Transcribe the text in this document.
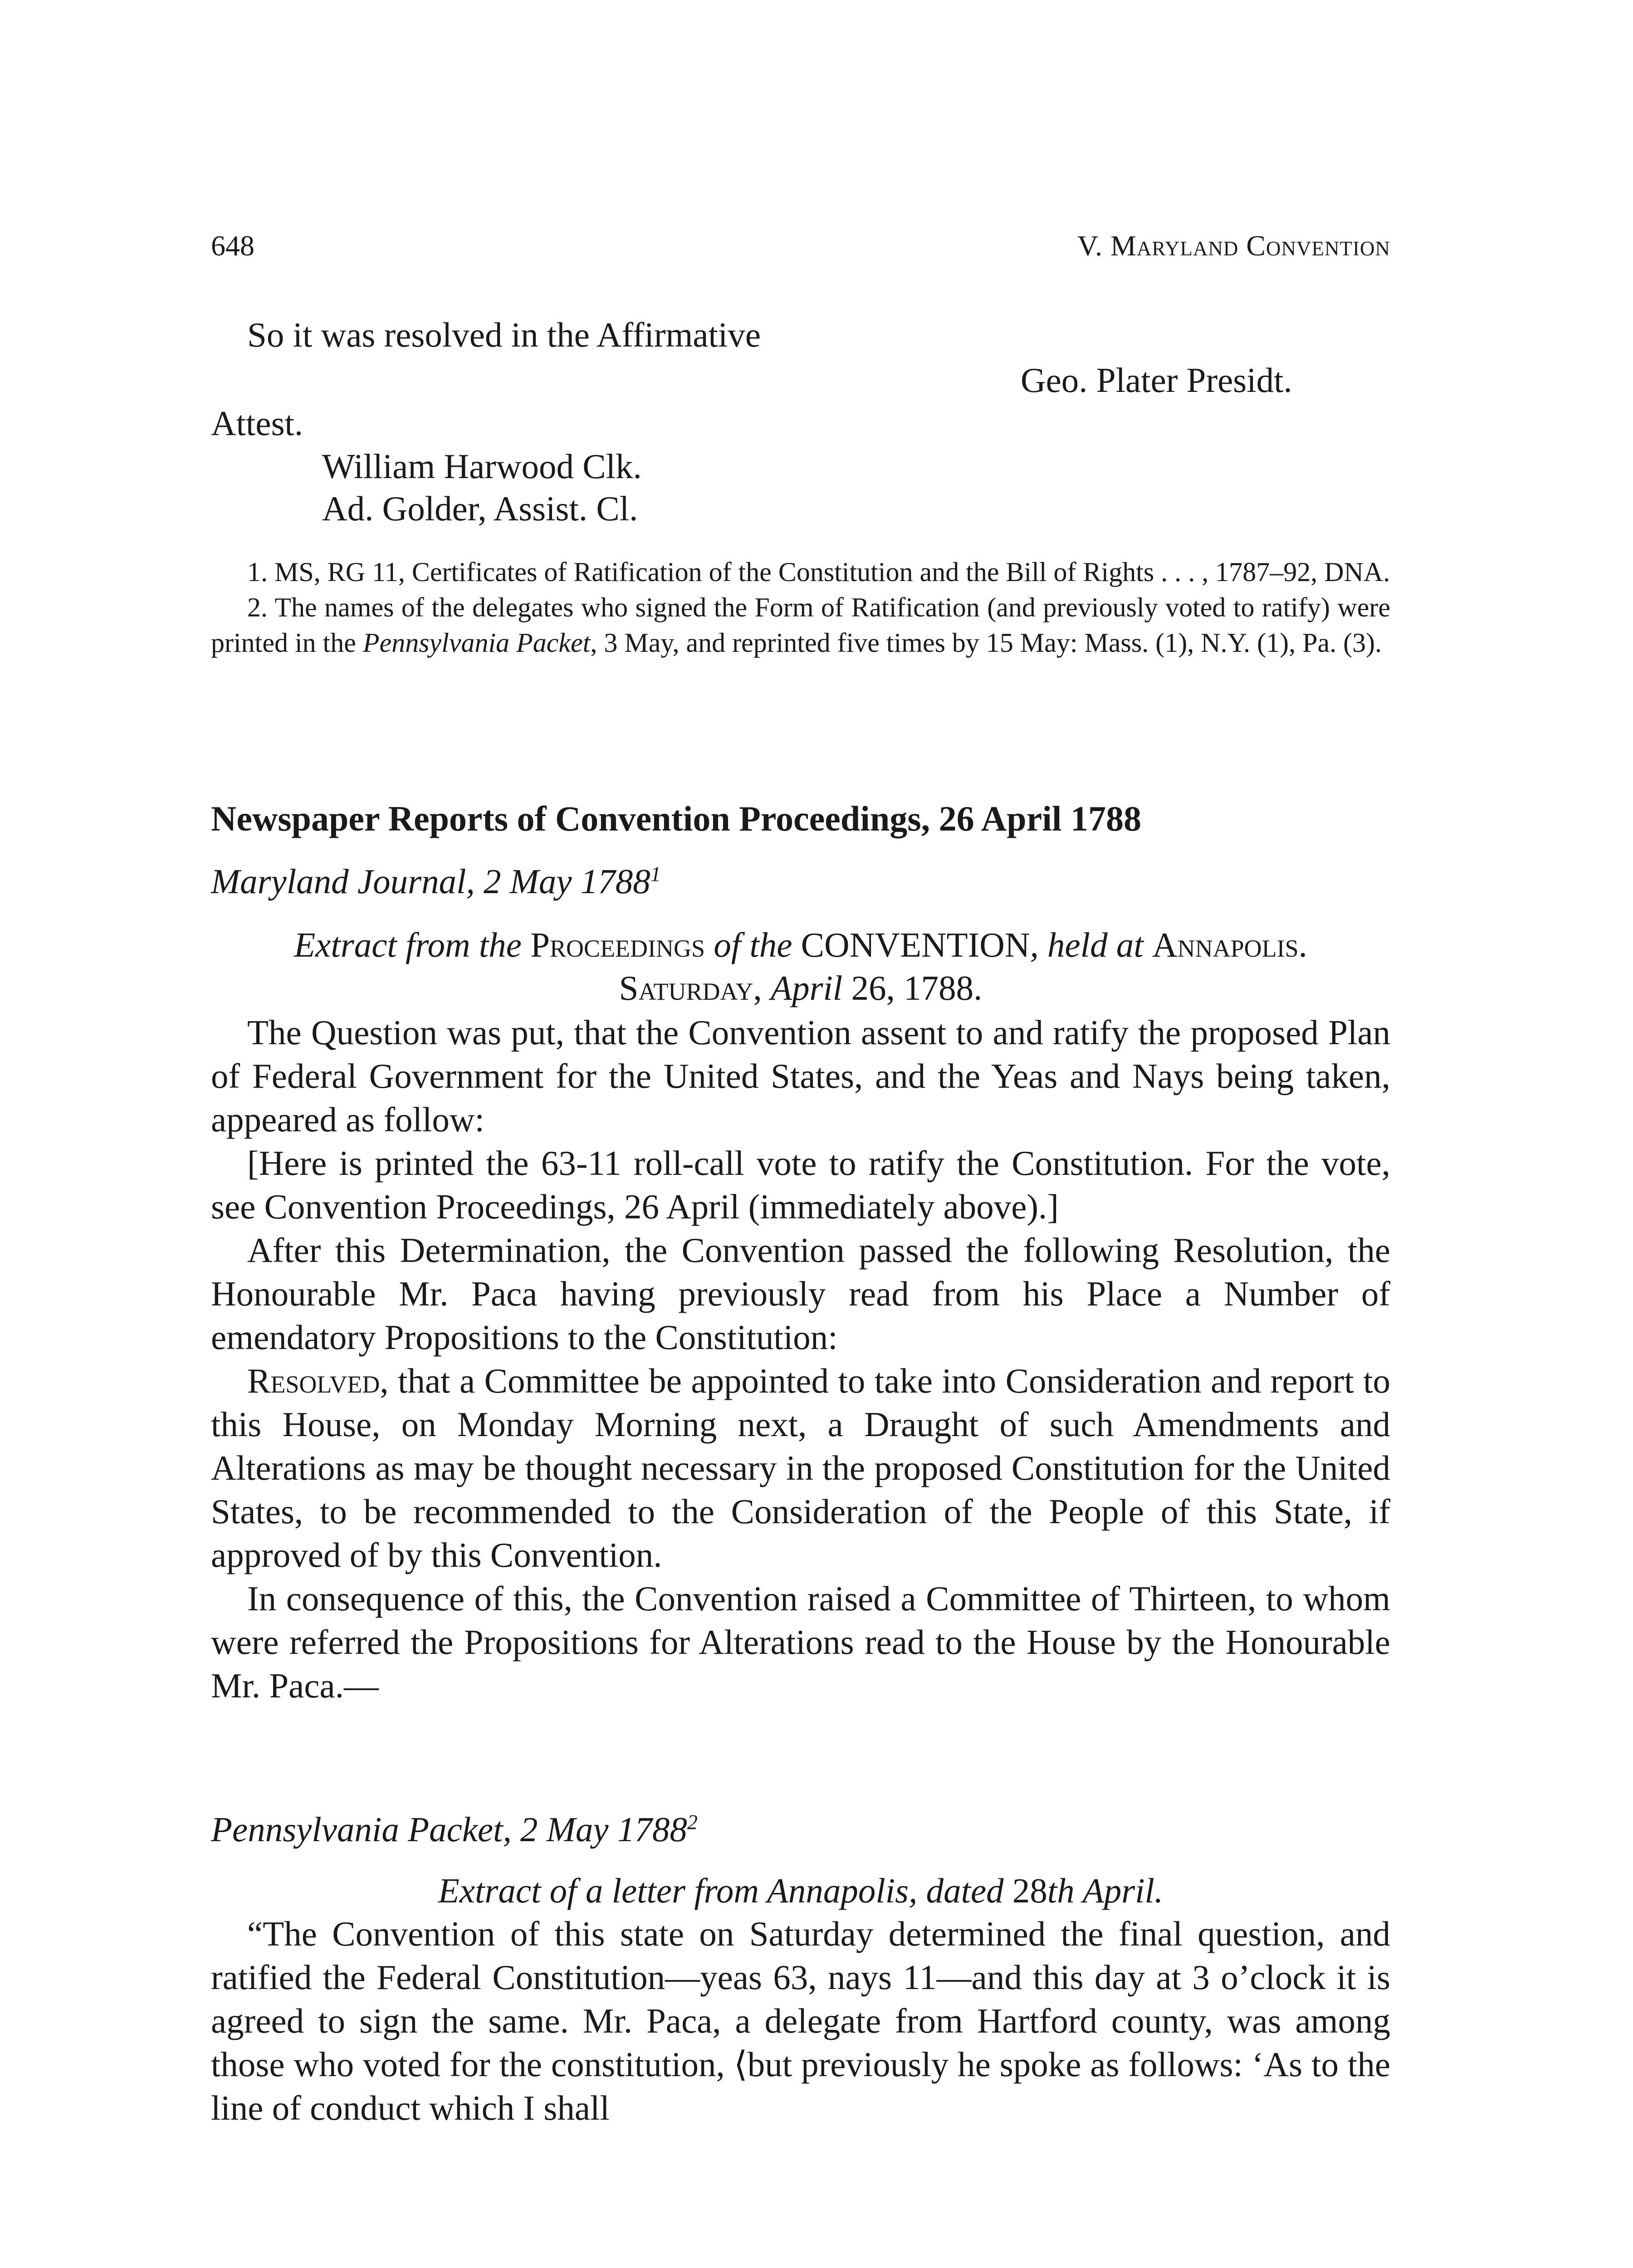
648	V. Maryland Convention
So it was resolved in the Affirmative
Geo. Plater Presidt.
Attest.
William Harwood Clk.
Ad. Golder, Assist. Cl.

1. MS, RG 11, Certificates of Ratification of the Constitution and the Bill of Rights . . . , 1787–92, DNA.

2. The names of the delegates who signed the Form of Ratification (and previously voted to ratify) were printed in the Pennsylvania Packet, 3 May, and reprinted five times by 15 May: Mass. (1), N.Y. (1), Pa. (3).

Newspaper Reports of Convention Proceedings, 26 April 1788
Maryland Journal, 2 May 1788$^1$
Extract from the Proceedings of the CONVENTION, held at Annapolis.
Saturday, April 26, 1788.

The Question was put, that the Convention assent to and ratify the proposed Plan of Federal Government for the United States, and the Yeas and Nays being taken, appeared as follow:

[Here is printed the 63-11 roll-call vote to ratify the Constitution. For the vote, see Convention Proceedings, 26 April (immediately above).]

After this Determination, the Convention passed the following Resolution, the Honourable Mr. Paca having previously read from his Place a Number of emendatory Propositions to the Constitution:

Resolved, that a Committee be appointed to take into Consideration and report to this House, on Monday Morning next, a Draught of such Amendments and Alterations as may be thought necessary in the proposed Constitution for the United States, to be recommended to the Consideration of the People of this State, if approved of by this Convention.

In consequence of this, the Convention raised a Committee of Thirteen, to whom were referred the Propositions for Alterations read to the House by the Honourable Mr. Paca.—

Pennsylvania Packet, 2 May 1788$^2$
Extract of a letter from Annapolis, dated 28th April.

“The Convention of this state on Saturday determined the final question, and ratified the Federal Constitution—yeas 63, nays 11—and this day at 3 o’clock it is agreed to sign the same. Mr. Paca, a delegate from Hartford county, was among those who voted for the constitution, ⟨but previously he spoke as follows: ‘As to the line of conduct which I shall
